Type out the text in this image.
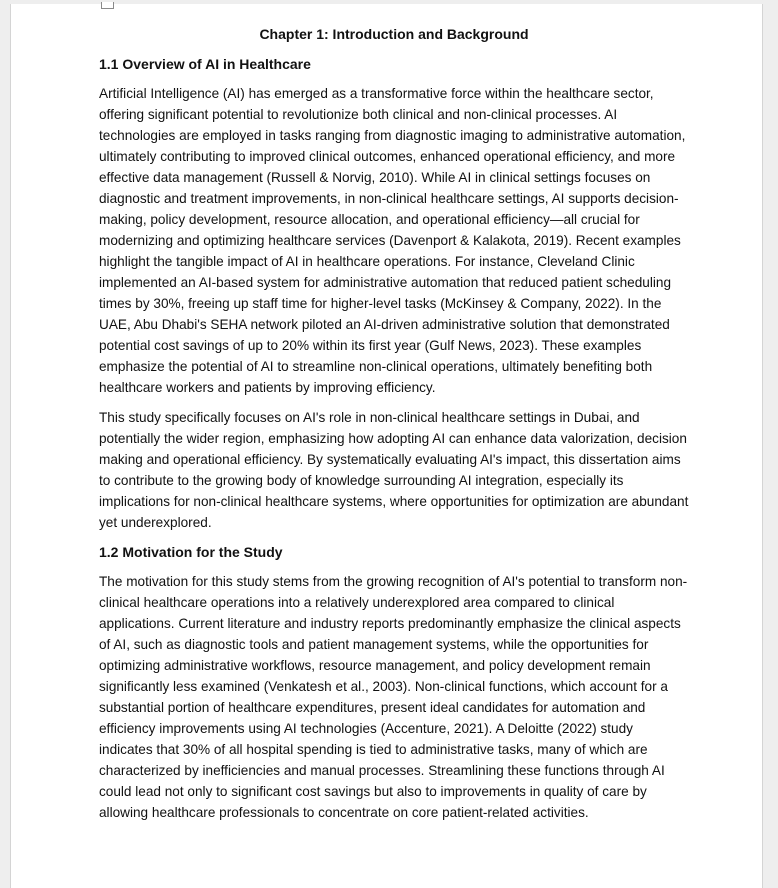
Chapter 1: Introduction and Background
1.1 Overview of AI in Healthcare

Artificial Intelligence (AI) has emerged as a transformative force within the healthcare sector, offering significant potential to revolutionize both clinical and non-clinical processes. AI technologies are employed in tasks ranging from diagnostic imaging to administrative automation, ultimately contributing to improved clinical outcomes, enhanced operational efficiency, and more effective data management (Russell & Norvig, 2010). While AI in clinical settings focuses on diagnostic and treatment improvements, in non-clinical healthcare settings, AI supports decision-making, policy development, resource allocation, and operational efficiency—all crucial for modernizing and optimizing healthcare services (Davenport & Kalakota, 2019). Recent examples highlight the tangible impact of AI in healthcare operations. For instance, Cleveland Clinic implemented an AI-based system for administrative automation that reduced patient scheduling times by 30%, freeing up staff time for higher-level tasks (McKinsey & Company, 2022). In the UAE, Abu Dhabi's SEHA network piloted an AI-driven administrative solution that demonstrated potential cost savings of up to 20% within its first year (Gulf News, 2023). These examples emphasize the potential of AI to streamline non-clinical operations, ultimately benefiting both healthcare workers and patients by improving efficiency.

This study specifically focuses on AI's role in non-clinical healthcare settings in Dubai, and potentially the wider region, emphasizing how adopting AI can enhance data valorization, decision making and operational efficiency. By systematically evaluating AI's impact, this dissertation aims to contribute to the growing body of knowledge surrounding AI integration, especially its implications for non-clinical healthcare systems, where opportunities for optimization are abundant yet underexplored.

1.2 Motivation for the Study

The motivation for this study stems from the growing recognition of AI's potential to transform non-clinical healthcare operations into a relatively underexplored area compared to clinical applications. Current literature and industry reports predominantly emphasize the clinical aspects of AI, such as diagnostic tools and patient management systems, while the opportunities for optimizing administrative workflows, resource management, and policy development remain significantly less examined (Venkatesh et al., 2003). Non-clinical functions, which account for a substantial portion of healthcare expenditures, present ideal candidates for automation and efficiency improvements using AI technologies (Accenture, 2021). A Deloitte (2022) study indicates that 30% of all hospital spending is tied to administrative tasks, many of which are characterized by inefficiencies and manual processes. Streamlining these functions through AI could lead not only to significant cost savings but also to improvements in quality of care by allowing healthcare professionals to concentrate on core patient-related activities.
